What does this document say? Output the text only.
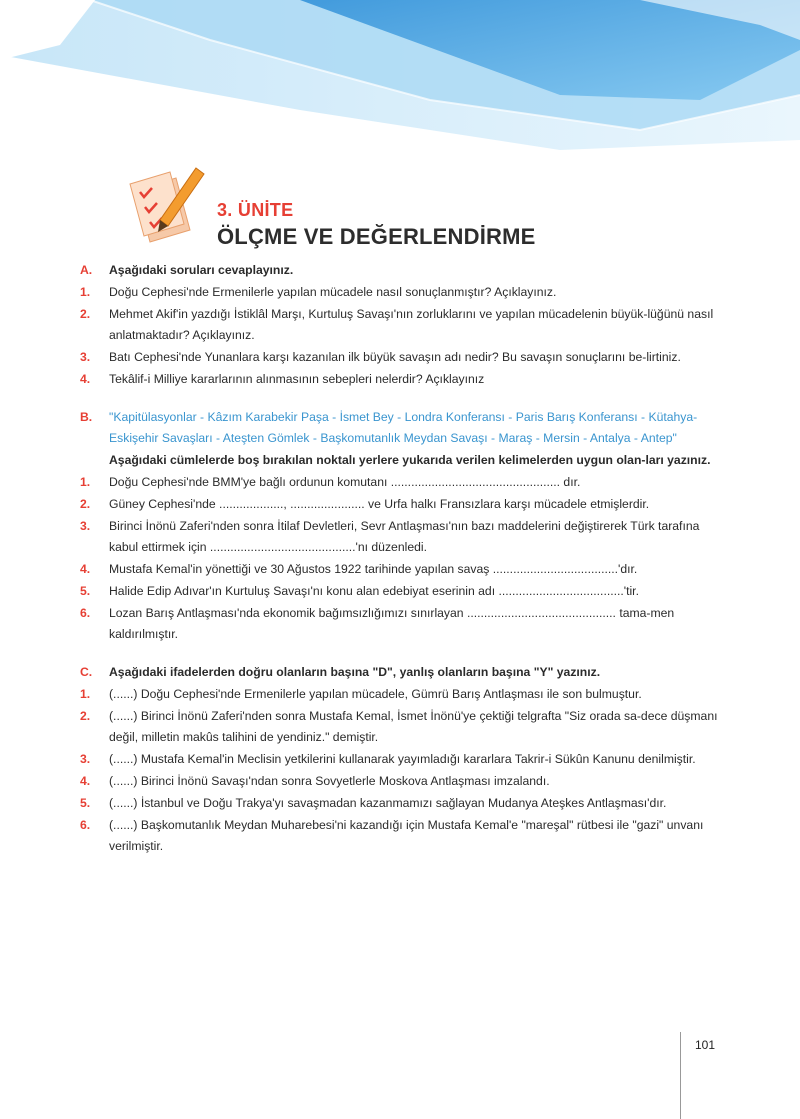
3. ÜNİTE
ÖLÇME VE DEĞERLENDİRME
A.	Aşağıdaki soruları cevaplayınız.
1.	Doğu Cephesi'nde Ermenilerle yapılan mücadele nasıl sonuçlanmıştır? Açıklayınız.
2.	Mehmet Akif'in yazdığı İstiklâl Marşı, Kurtuluş Savaşı'nın zorluklarını ve yapılan mücadelenin büyük-lüğünü nasıl anlatmaktadır? Açıklayınız.
3.	Batı Cephesi'nde Yunanlara karşı kazanılan ilk büyük savaşın adı nedir? Bu savaşın sonuçlarını be-lirtiniz.
4.	Tekâlif-i Milliye kararlarının alınmasının sebepleri nelerdir? Açıklayınız
B.	"Kapitülasyonlar - Kâzım Karabekir Paşa - İsmet Bey - Londra Konferansı - Paris Barış Konferansı - Kütahya-Eskişehir Savaşları - Ateşten Gömlek - Başkomutanlık Meydan Savaşı - Maraş - Mersin - Antalya - Antep"
Aşağıdaki cümlelerde boş bırakılan noktalı yerlere yukarıda verilen kelimelerden uygun olan-ları yazınız.
1.	Doğu Cephesi'nde BMM'ye bağlı ordunun komutanı .................................................. dır.
2.	Güney Cephesi'nde ..................., ...................... ve Urfa halkı Fransızlara karşı mücadele etmişlerdir.
3.	Birinci İnönü Zaferi'nden sonra İtilaf Devletleri, Sevr Antlaşması'nın bazı maddelerini değiştirerek Türk tarafına kabul ettirmek için ...........................................'nı düzenledi.
4.	Mustafa Kemal'in yönettiği ve 30 Ağustos 1922 tarihinde yapılan savaş .....................................'dır.
5.	Halide Edip Adıvar'ın Kurtuluş Savaşı'nı konu alan edebiyat eserinin adı .....................................'tir.
6.	Lozan Barış Antlaşması'nda ekonomik bağımsızlığımızı sınırlayan ............................................ tama-men kaldırılmıştır.
C.	Aşağıdaki ifadelerden doğru olanların başına "D", yanlış olanların başına "Y" yazınız.
1.	(......) Doğu Cephesi'nde Ermenilerle yapılan mücadele, Gümrü Barış Antlaşması ile son bulmuştur.
2.	(......) Birinci İnönü Zaferi'nden sonra Mustafa Kemal, İsmet İnönü'ye çektiği telgrafta "Siz orada sa-dece düşmanı değil, milletin makûs talihini de yendiniz." demiştir.
3.	(......) Mustafa Kemal'in Meclisin yetkilerini kullanarak yayımladığı kararlara Takrir-i Sükûn Kanunu denilmiştir.
4.	(......) Birinci İnönü Savaşı'ndan sonra Sovyetlerle Moskova Antlaşması imzalandı.
5.	(......) İstanbul ve Doğu Trakya'yı savaşmadan kazanmamızı sağlayan Mudanya Ateşkes Antlaşması'dır.
6.	(......) Başkomutanlık Meydan Muharebesi'ni kazandığı için Mustafa Kemal'e "mareşal" rütbesi ile "gazi" unvanı verilmiştir.
101
